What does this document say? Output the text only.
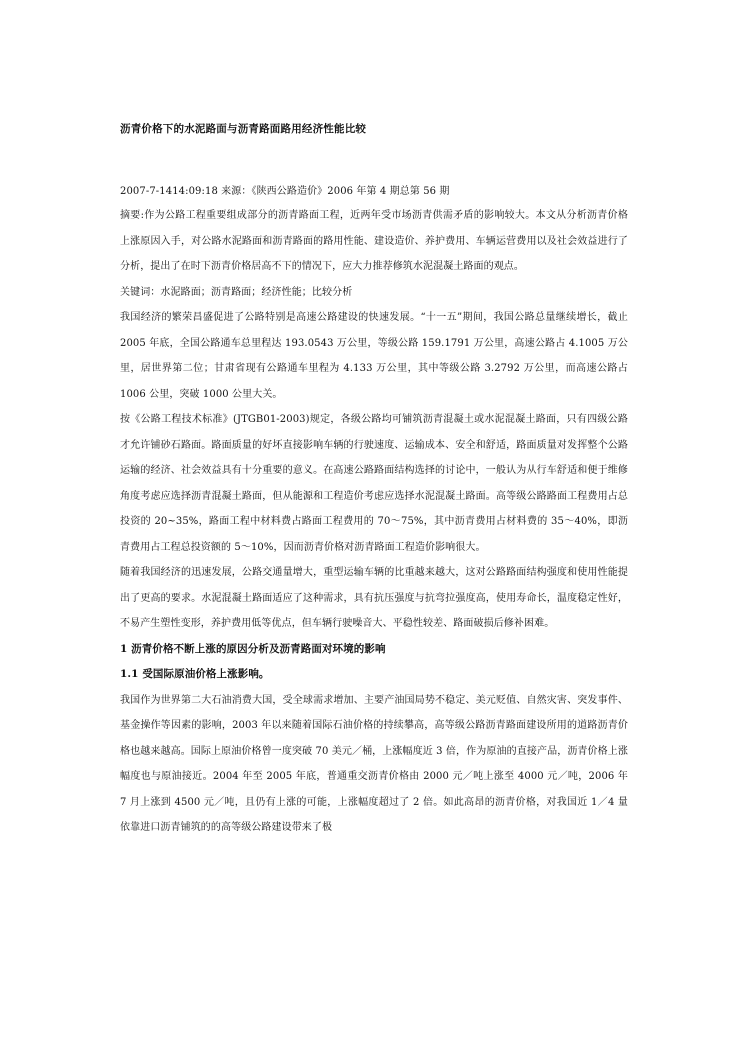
沥青价格下的水泥路面与沥青路面路用经济性能比较
2007-7-1414:09:18 来源：《陕西公路造价》2006 年第 4 期总第 56 期

摘要:作为公路工程重要组成部分的沥青路面工程，近两年受市场沥青供需矛盾的影响较大。本文从分析沥青价格上涨原因入手，对公路水泥路面和沥青路面的路用性能、建设造价、养护费用、车辆运营费用以及社会效益进行了分析，提出了在时下沥青价格居高不下的情况下，应大力推荐修筑水泥混凝土路面的观点。

关键词：水泥路面；沥青路面；经济性能；比较分析

我国经济的繁荣昌盛促进了公路特别是高速公路建设的快速发展。“十一五”期间，我国公路总量继续增长，截止 2005 年底，全国公路通车总里程达 193.0543 万公里，等级公路 159.1791 万公里，高速公路占 4.1005 万公里，居世界第二位；甘肃省现有公路通车里程为 4.133 万公里，其中等级公路 3.2792 万公里，而高速公路占 1006 公里，突破 1000 公里大关。

按《公路工程技术标准》(JTGB01-2003)规定，各级公路均可铺筑沥青混凝土或水泥混凝土路面，只有四级公路才允许铺砂石路面。路面质量的好坏直接影响车辆的行驶速度、运输成本、安全和舒适，路面质量对发挥整个公路运输的经济、社会效益具有十分重要的意义。在高速公路路面结构选择的讨论中，一般认为从行车舒适和便于维修角度考虑应选择沥青混凝土路面，但从能源和工程造价考虑应选择水泥混凝土路面。高等级公路路面工程费用占总投资的 20~35%，路面工程中材料费占路面工程费用的 70～75%，其中沥青费用占材料费的 35～40%，即沥青费用占工程总投资额的 5～10%，因而沥青价格对沥青路面工程造价影响很大。

随着我国经济的迅速发展，公路交通量增大，重型运输车辆的比重越来越大，这对公路路面结构强度和使用性能提出了更高的要求。水泥混凝土路面适应了这种需求，具有抗压强度与抗弯拉强度高，使用寿命长，温度稳定性好，不易产生塑性变形，养护费用低等优点，但车辆行驶噪音大、平稳性较差、路面破损后修补困难。

1 沥青价格不断上涨的原因分析及沥青路面对环境的影响
1.1 受国际原油价格上涨影响。

我国作为世界第二大石油消费大国，受全球需求增加、主要产油国局势不稳定、美元贬值、自然灾害、突发事件、基金操作等因素的影响，2003 年以来随着国际石油价格的持续攀高，高等级公路沥青路面建设所用的道路沥青价格也越来越高。国际上原油价格曾一度突破 70 美元／桶，上涨幅度近 3 倍，作为原油的直接产品，沥青价格上涨幅度也与原油接近。2004 年至 2005 年底，普通重交沥青价格由 2000 元／吨上涨至 4000 元／吨，2006 年 7 月上涨到 4500 元／吨，且仍有上涨的可能，上涨幅度超过了 2 倍。如此高昂的沥青价格，对我国近 1／4 量依靠进口沥青铺筑的的高等级公路建设带来了极
